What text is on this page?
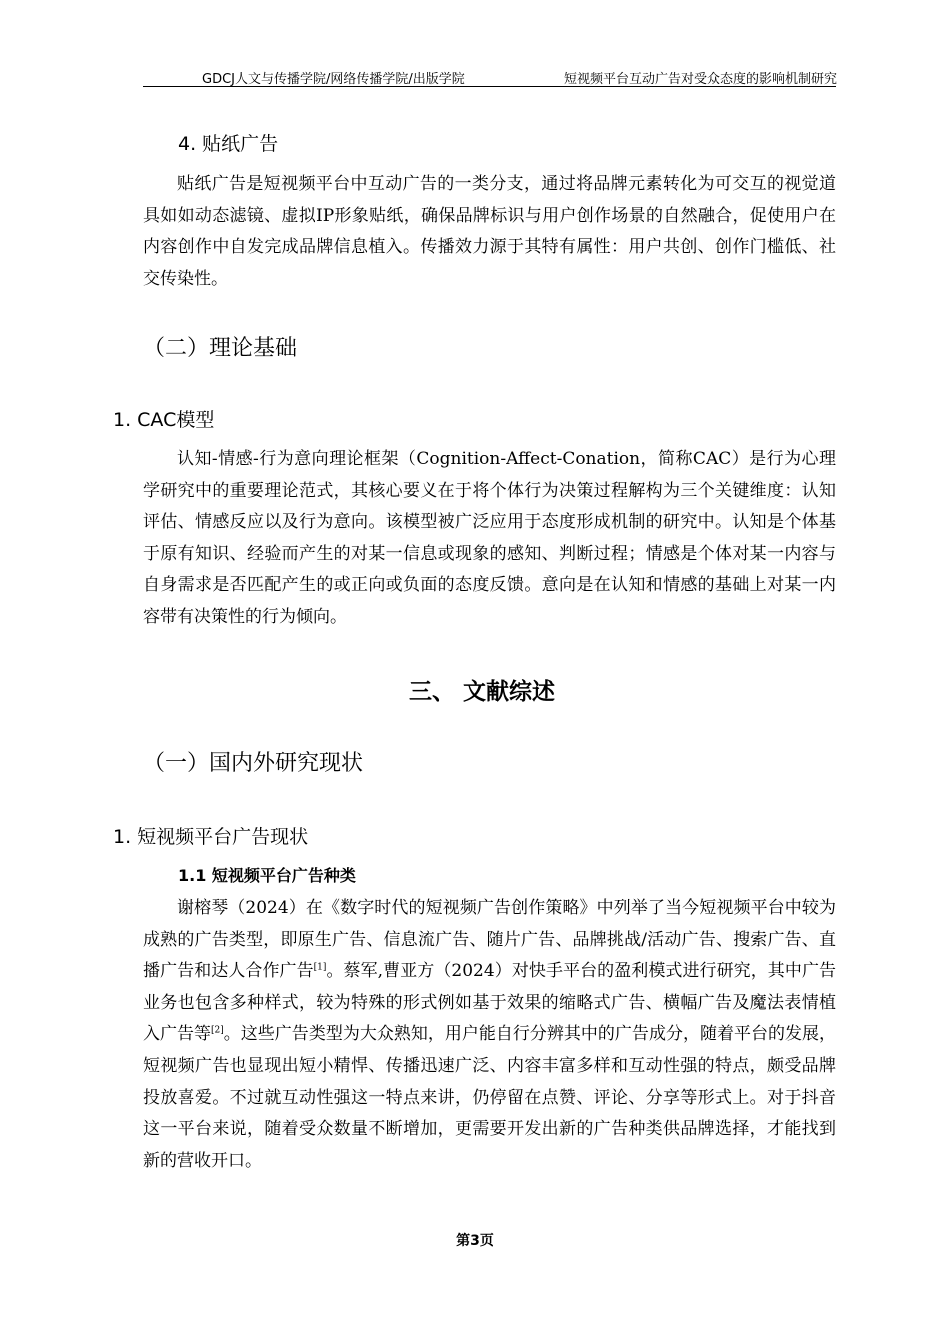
GDCJ人文与传播学院/网络传播学院/出版学院	短视频平台互动广告对受众态度的影响机制研究
4. 贴纸广告

贴纸广告是短视频平台中互动广告的一类分支，通过将品牌元素转化为可交互的视觉道具如如动态滤镜、虚拟IP形象贴纸，确保品牌标识与用户创作场景的自然融合，促使用户在内容创作中自发完成品牌信息植入。传播效力源于其特有属性：用户共创、创作门槛低、社交传染性。

（二）理论基础
1. CAC模型

认知-情感-行为意向理论框架（Cognition-Affect-Conation，简称CAC）是行为心理学研究中的重要理论范式，其核心要义在于将个体行为决策过程解构为三个关键维度：认知评估、情感反应以及行为意向。该模型被广泛应用于态度形成机制的研究中。认知是个体基于原有知识、经验而产生的对某一信息或现象的感知、判断过程；情感是个体对某一内容与自身需求是否匹配产生的或正向或负面的态度反馈。意向是在认知和情感的基础上对某一内容带有决策性的行为倾向。

三、 文献综述
（一）国内外研究现状
1. 短视频平台广告现状
1.1 短视频平台广告种类

谢榕琴（2024）在《数字时代的短视频广告创作策略》中列举了当今短视频平台中较为成熟的广告类型，即原生广告、信息流广告、随片广告、品牌挑战/活动广告、搜索广告、直播广告和达人合作广告[1]。蔡军,曹亚方（2024）对快手平台的盈利模式进行研究，其中广告业务也包含多种样式，较为特殊的形式例如基于效果的缩略式广告、横幅广告及魔法表情植入广告等[2]。这些广告类型为大众熟知，用户能自行分辨其中的广告成分，随着平台的发展，短视频广告也显现出短小精悍、传播迅速广泛、内容丰富多样和互动性强的特点，颇受品牌投放喜爱。不过就互动性强这一特点来讲，仍停留在点赞、评论、分享等形式上。对于抖音这一平台来说，随着受众数量不断增加，更需要开发出新的广告种类供品牌选择，才能找到新的营收开口。

第3页
